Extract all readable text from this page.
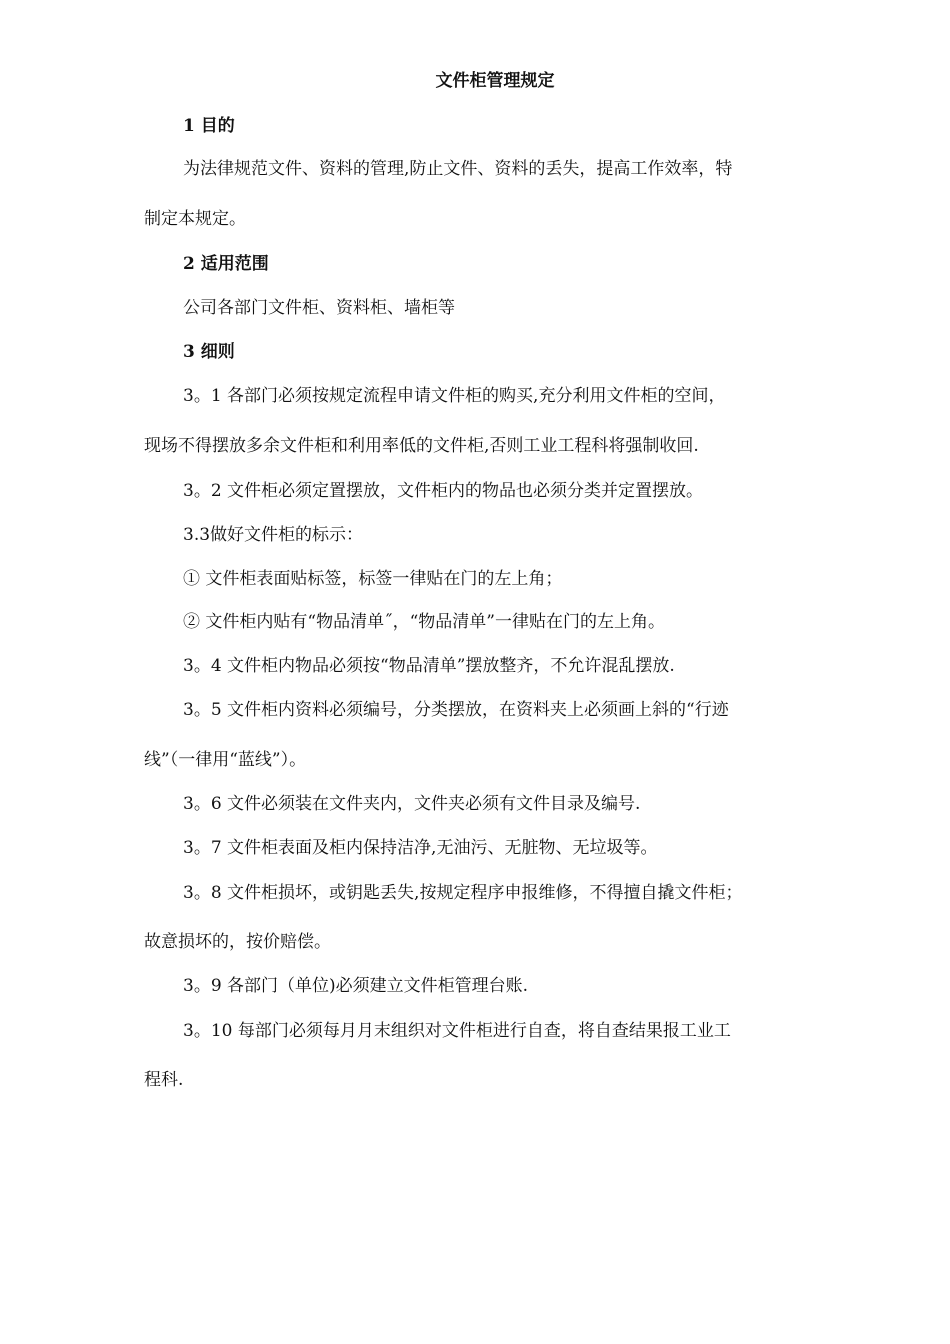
文件柜管理规定
1 目的
为法律规范文件、资料的管理,防止文件、资料的丢失，提高工作效率，特
制定本规定。
2 适用范围
公司各部门文件柜、资料柜、墙柜等
3 细则
3。1 各部门必须按规定流程申请文件柜的购买,充分利用文件柜的空间，
现场不得摆放多余文件柜和利用率低的文件柜,否则工业工程科将强制收回.
3。2 文件柜必须定置摆放，文件柜内的物品也必须分类并定置摆放。
3.3做好文件柜的标示：
① 文件柜表面贴标签，标签一律贴在门的左上角；
② 文件柜内贴有“物品清单˝，“物品清单”一律贴在门的左上角。
3。4 文件柜内物品必须按“物品清单”摆放整齐，不允许混乱摆放.
3。5 文件柜内资料必须编号，分类摆放，在资料夹上必须画上斜的“行迹
线”（一律用“蓝线”）。
3。6 文件必须装在文件夹内，文件夹必须有文件目录及编号.
3。7 文件柜表面及柜内保持洁净,无油污、无脏物、无垃圾等。
3。8 文件柜损坏，或钥匙丢失,按规定程序申报维修，不得擅自撬文件柜；
故意损坏的，按价赔偿。
3。9 各部门（单位)必须建立文件柜管理台账.
3。10 每部门必须每月月末组织对文件柜进行自查，将自查结果报工业工
程科.
